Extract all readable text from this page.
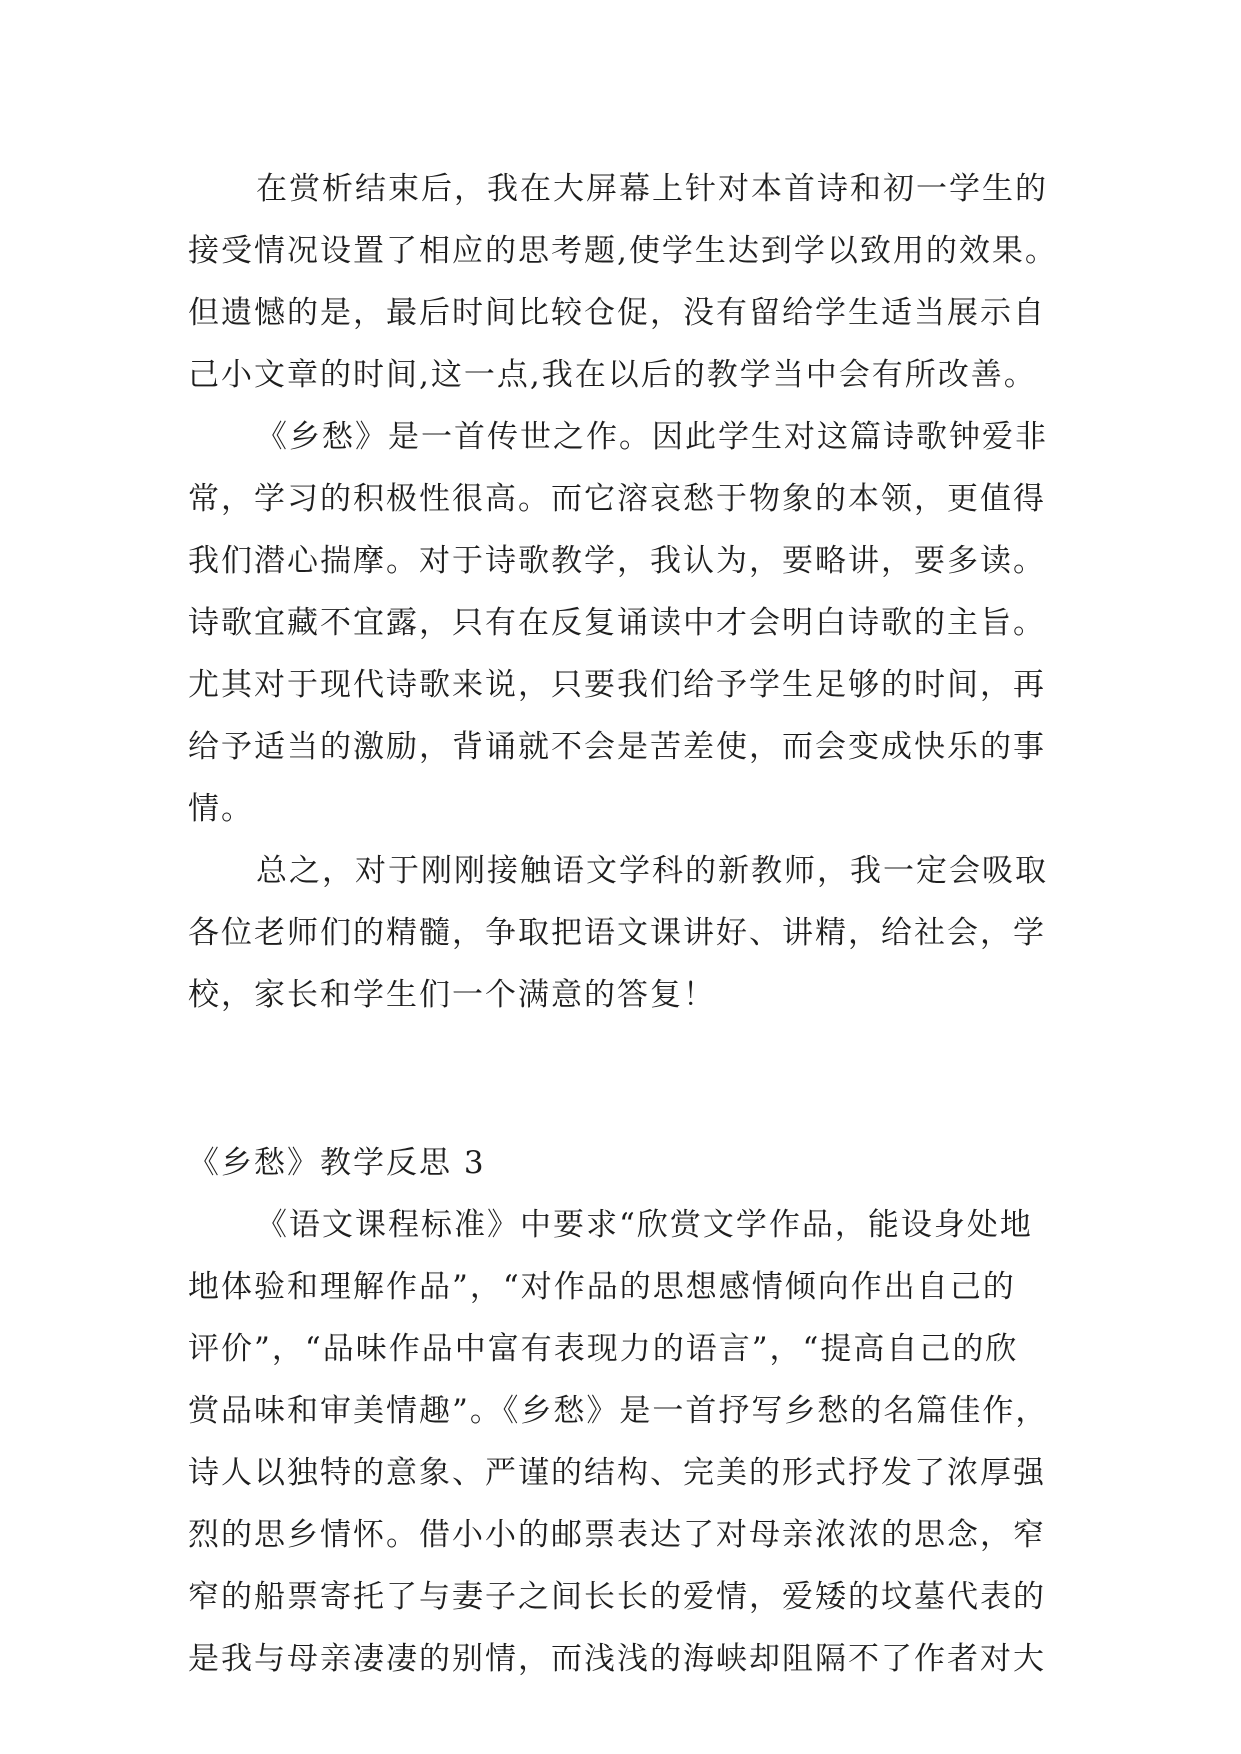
在赏析结束后，我在大屏幕上针对本首诗和初一学生的
接受情况设置了相应的思考题,使学生达到学以致用的效果。
但遗憾的是，最后时间比较仓促，没有留给学生适当展示自
己小文章的时间,这一点,我在以后的教学当中会有所改善。
《乡愁》是一首传世之作。因此学生对这篇诗歌钟爱非
常，学习的积极性很高。而它溶哀愁于物象的本领，更值得
我们潜心揣摩。对于诗歌教学，我认为，要略讲，要多读。
诗歌宜藏不宜露，只有在反复诵读中才会明白诗歌的主旨。
尤其对于现代诗歌来说，只要我们给予学生足够的时间，再
给予适当的激励，背诵就不会是苦差使，而会变成快乐的事
情。
总之，对于刚刚接触语文学科的新教师，我一定会吸取
各位老师们的精髓，争取把语文课讲好、讲精，给社会，学
校，家长和学生们一个满意的答复！
《乡愁》教学反思 3
《语文课程标准》中要求“欣赏文学作品，能设身处地
地体验和理解作品”，“对作品的思想感情倾向作出自己的
评价”，“品味作品中富有表现力的语言”，“提高自己的欣
赏品味和审美情趣”。《乡愁》是一首抒写乡愁的名篇佳作，
诗人以独特的意象、严谨的结构、完美的形式抒发了浓厚强
烈的思乡情怀。借小小的邮票表达了对母亲浓浓的思念，窄
窄的船票寄托了与妻子之间长长的爱情，爱矮的坟墓代表的
是我与母亲凄凄的别情，而浅浅的海峡却阻隔不了作者对大
